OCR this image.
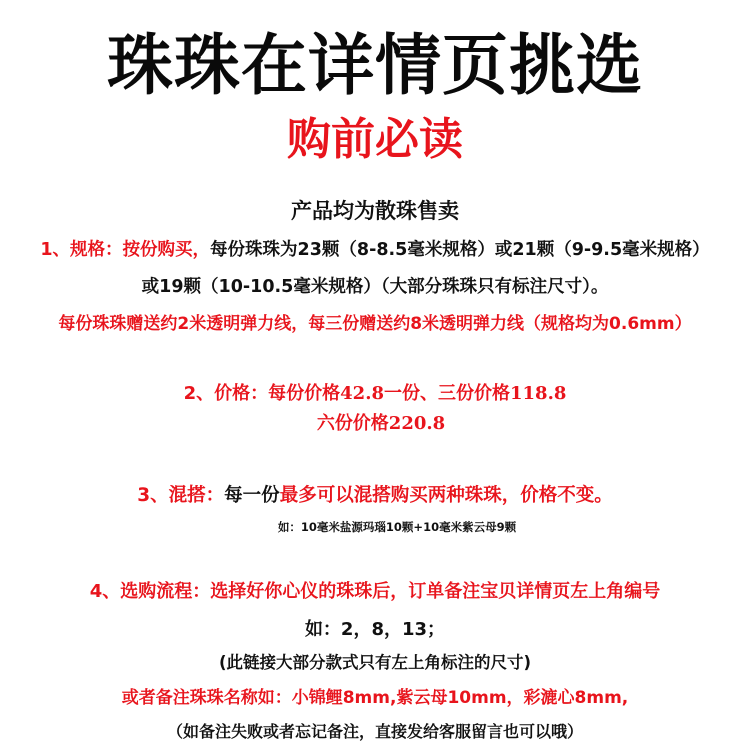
珠珠在详情页挑选
购前必读
产品均为散珠售卖
1、规格：按份购买，每份珠珠为23颗（8-8.5毫米规格）或21颗（9-9.5毫米规格）
或19颗（10-10.5毫米规格）（大部分珠珠只有标注尺寸）。
每份珠珠赠送约2米透明弹力线，每三份赠送约8米透明弹力线（规格均为0.6mm）
2、价格：每份价格42.8一份、三份价格118.8
六份价格220.8
3、混搭：每一份最多可以混搭购买两种珠珠，价格不变。
如：10毫米盐源玛瑙10颗+10毫米紫云母9颗
4、选购流程：选择好你心仪的珠珠后，订单备注宝贝详情页左上角编号
如：2，8，13；
(此链接大部分款式只有左上角标注的尺寸)
或者备注珠珠名称如：小锦鲤8mm,紫云母10mm，彩漉心8mm,
（如备注失败或者忘记备注，直接发给客服留言也可以哦）
